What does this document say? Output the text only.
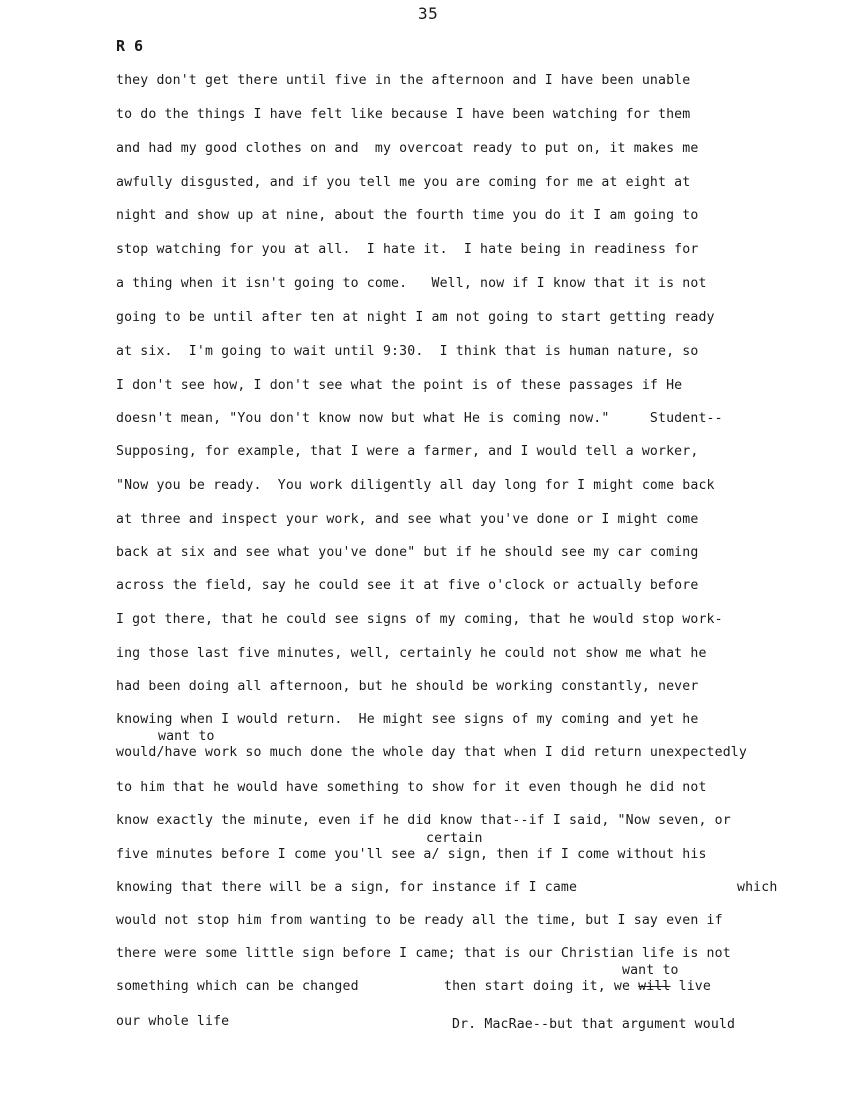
35
R 6
they don't get there until five in the afternoon and I have been unable
to do the things I have felt like because I have been watching for them
and had my good clothes on and  my overcoat ready to put on, it makes me
awfully disgusted, and if you tell me you are coming for me at eight at
night and show up at nine, about the fourth time you do it I am going to
stop watching for you at all.  I hate it.  I hate being in readiness for
a thing when it isn't going to come.   Well, now if I know that it is not
going to be until after ten at night I am not going to start getting ready
at six.  I'm going to wait until 9:30.  I think that is human nature, so
I don't see how, I don't see what the point is of these passages if He
doesn't mean, "You don't know now but what He is coming now."     Student--
Supposing, for example, that I were a farmer, and I would tell a worker,
"Now you be ready.  You work diligently all day long for I might come back
at three and inspect your work, and see what you've done or I might come
back at six and see what you've done" but if he should see my car coming
across the field, say he could see it at five o'clock or actually before
I got there, that he could see signs of my coming, that he would stop work-
ing those last five minutes, well, certainly he could not show me what he
had been doing all afternoon, but he should be working constantly, never
knowing when I would return.  He might see signs of my coming and yet he
want to
would/have work so much done the whole day that when I did return unexpectedly
to him that he would have something to show for it even though he did not
know exactly the minute, even if he did know that--if I said, "Now seven, or
certain
five minutes before I come you'll see a/ sign, then if I come without his
knowing that there will be a sign, for instance if I came	which
would not stop him from wanting to be ready all the time, but I say even if
there were some little sign before I came; that is our Christian life is not
want to
something which can be changed	then start doing it, we will live
our whole life	Dr. MacRae--but that argument would
